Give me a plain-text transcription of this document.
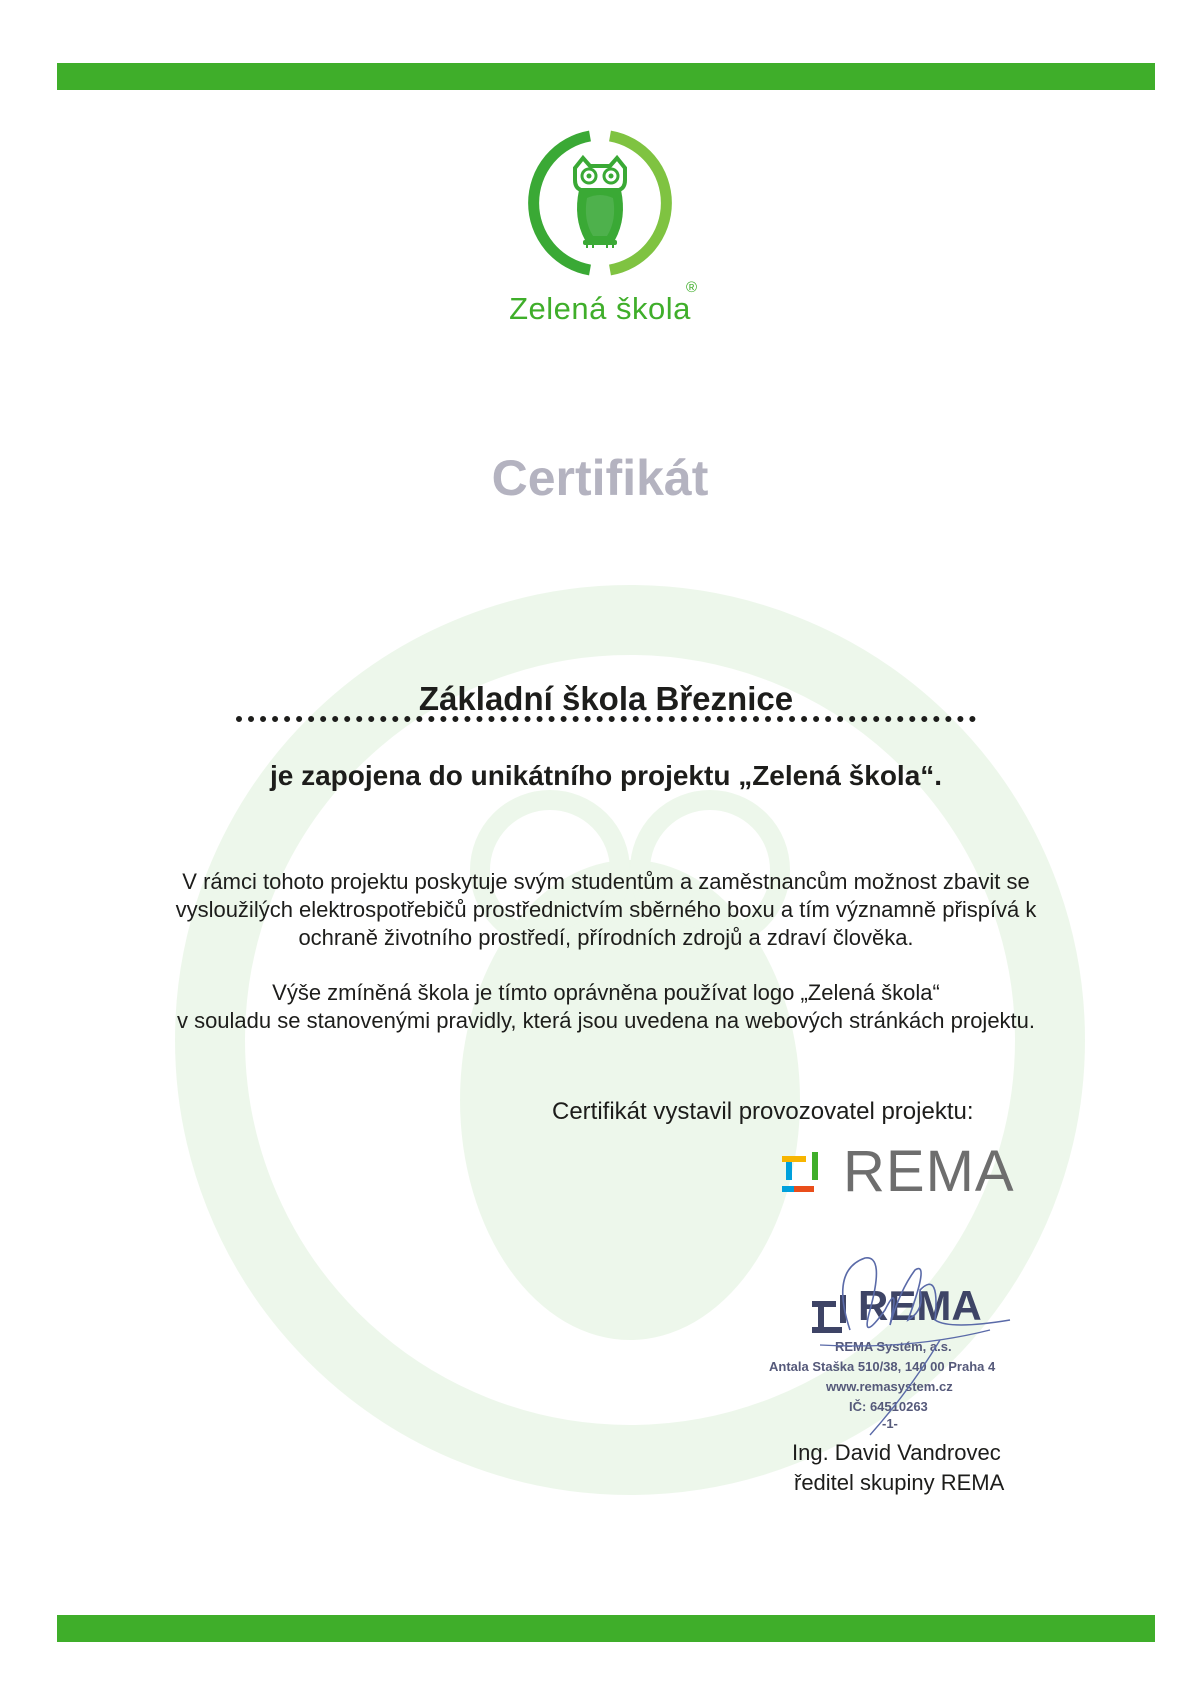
Zelená škola
®
Certifikát
Základní škola Březnice
je zapojena do unikátního projektu „Zelená škola“.
V rámci tohoto projektu poskytuje svým studentům a zaměstnancům možnost zbavit se
vysloužilých elektrospotřebičů prostřednictvím sběrného boxu a tím významně přispívá k
ochraně životního prostředí, přírodních zdrojů a zdraví člověka.
Výše zmíněná škola je tímto oprávněna používat logo „Zelená škola“
v souladu se stanovenými pravidly, která jsou uvedena na webových stránkách projektu.
Certifikát vystavil provozovatel projektu:
REMA
REMA
REMA Systém, a.s.
Antala Staška 510/38, 140 00 Praha 4
www.remasystem.cz
IČ: 64510263
-1-
Ing. David Vandrovec
ředitel skupiny REMA
